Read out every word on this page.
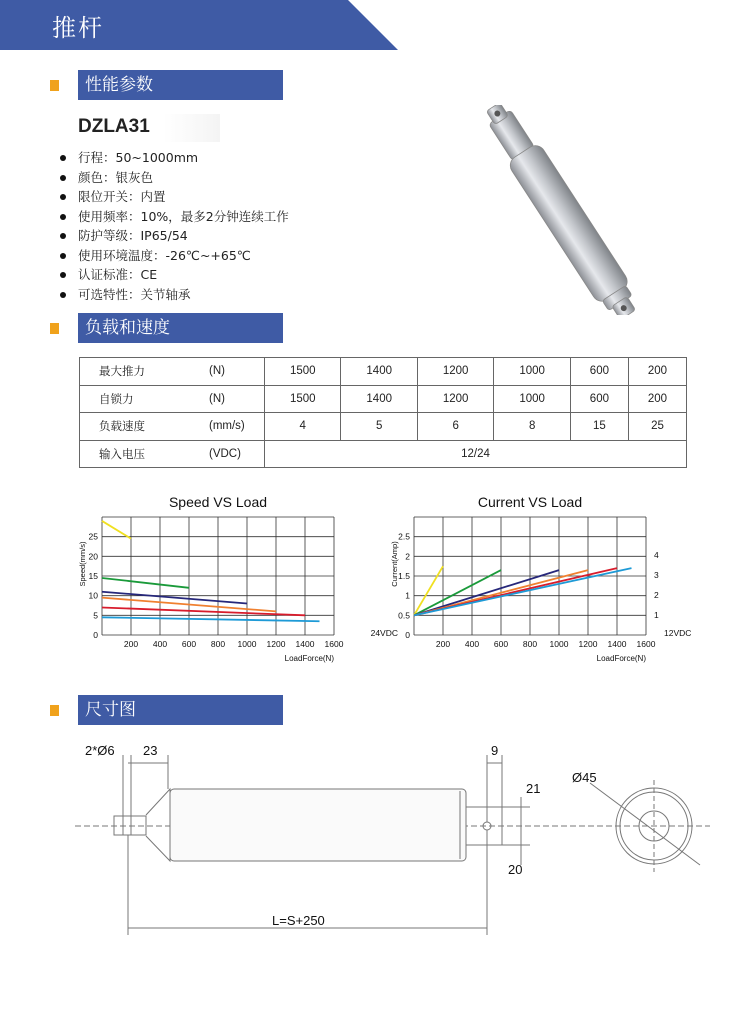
推杆
性能参数
DZLA31
行程：50~1000mm
颜色：银灰色
限位开关：内置
使用频率：10%，最多2分钟连续工作
防护等级：IP65/54
使用环境温度：-26℃~+65℃
认证标准：CE
可选特性：关节轴承
负载和速度
最大推力	(N)	1500	1400	1200	1000	600	200
自锁力	(N)	1500	1400	1200	1000	600	200
负载速度	(mm/s)	4	5	6	8	15	25
输入电压	(VDC)	12/24					
Speed VS Load
200 400 600 800 1000 1200 1400 1600
0
5
10
15
20
25
LoadForce(N)
Speed(mm/s)
Current VS Load
200 400 600 800 1000 1200 1400 1600
0
0.5
1
1.5
2
2.5
LoadForce(N)
Current(Amp)
1
2
3
4
24VDC	12VDC
尺寸图
2*Ø6 23	9
21
20
Ø45
L=S+250
